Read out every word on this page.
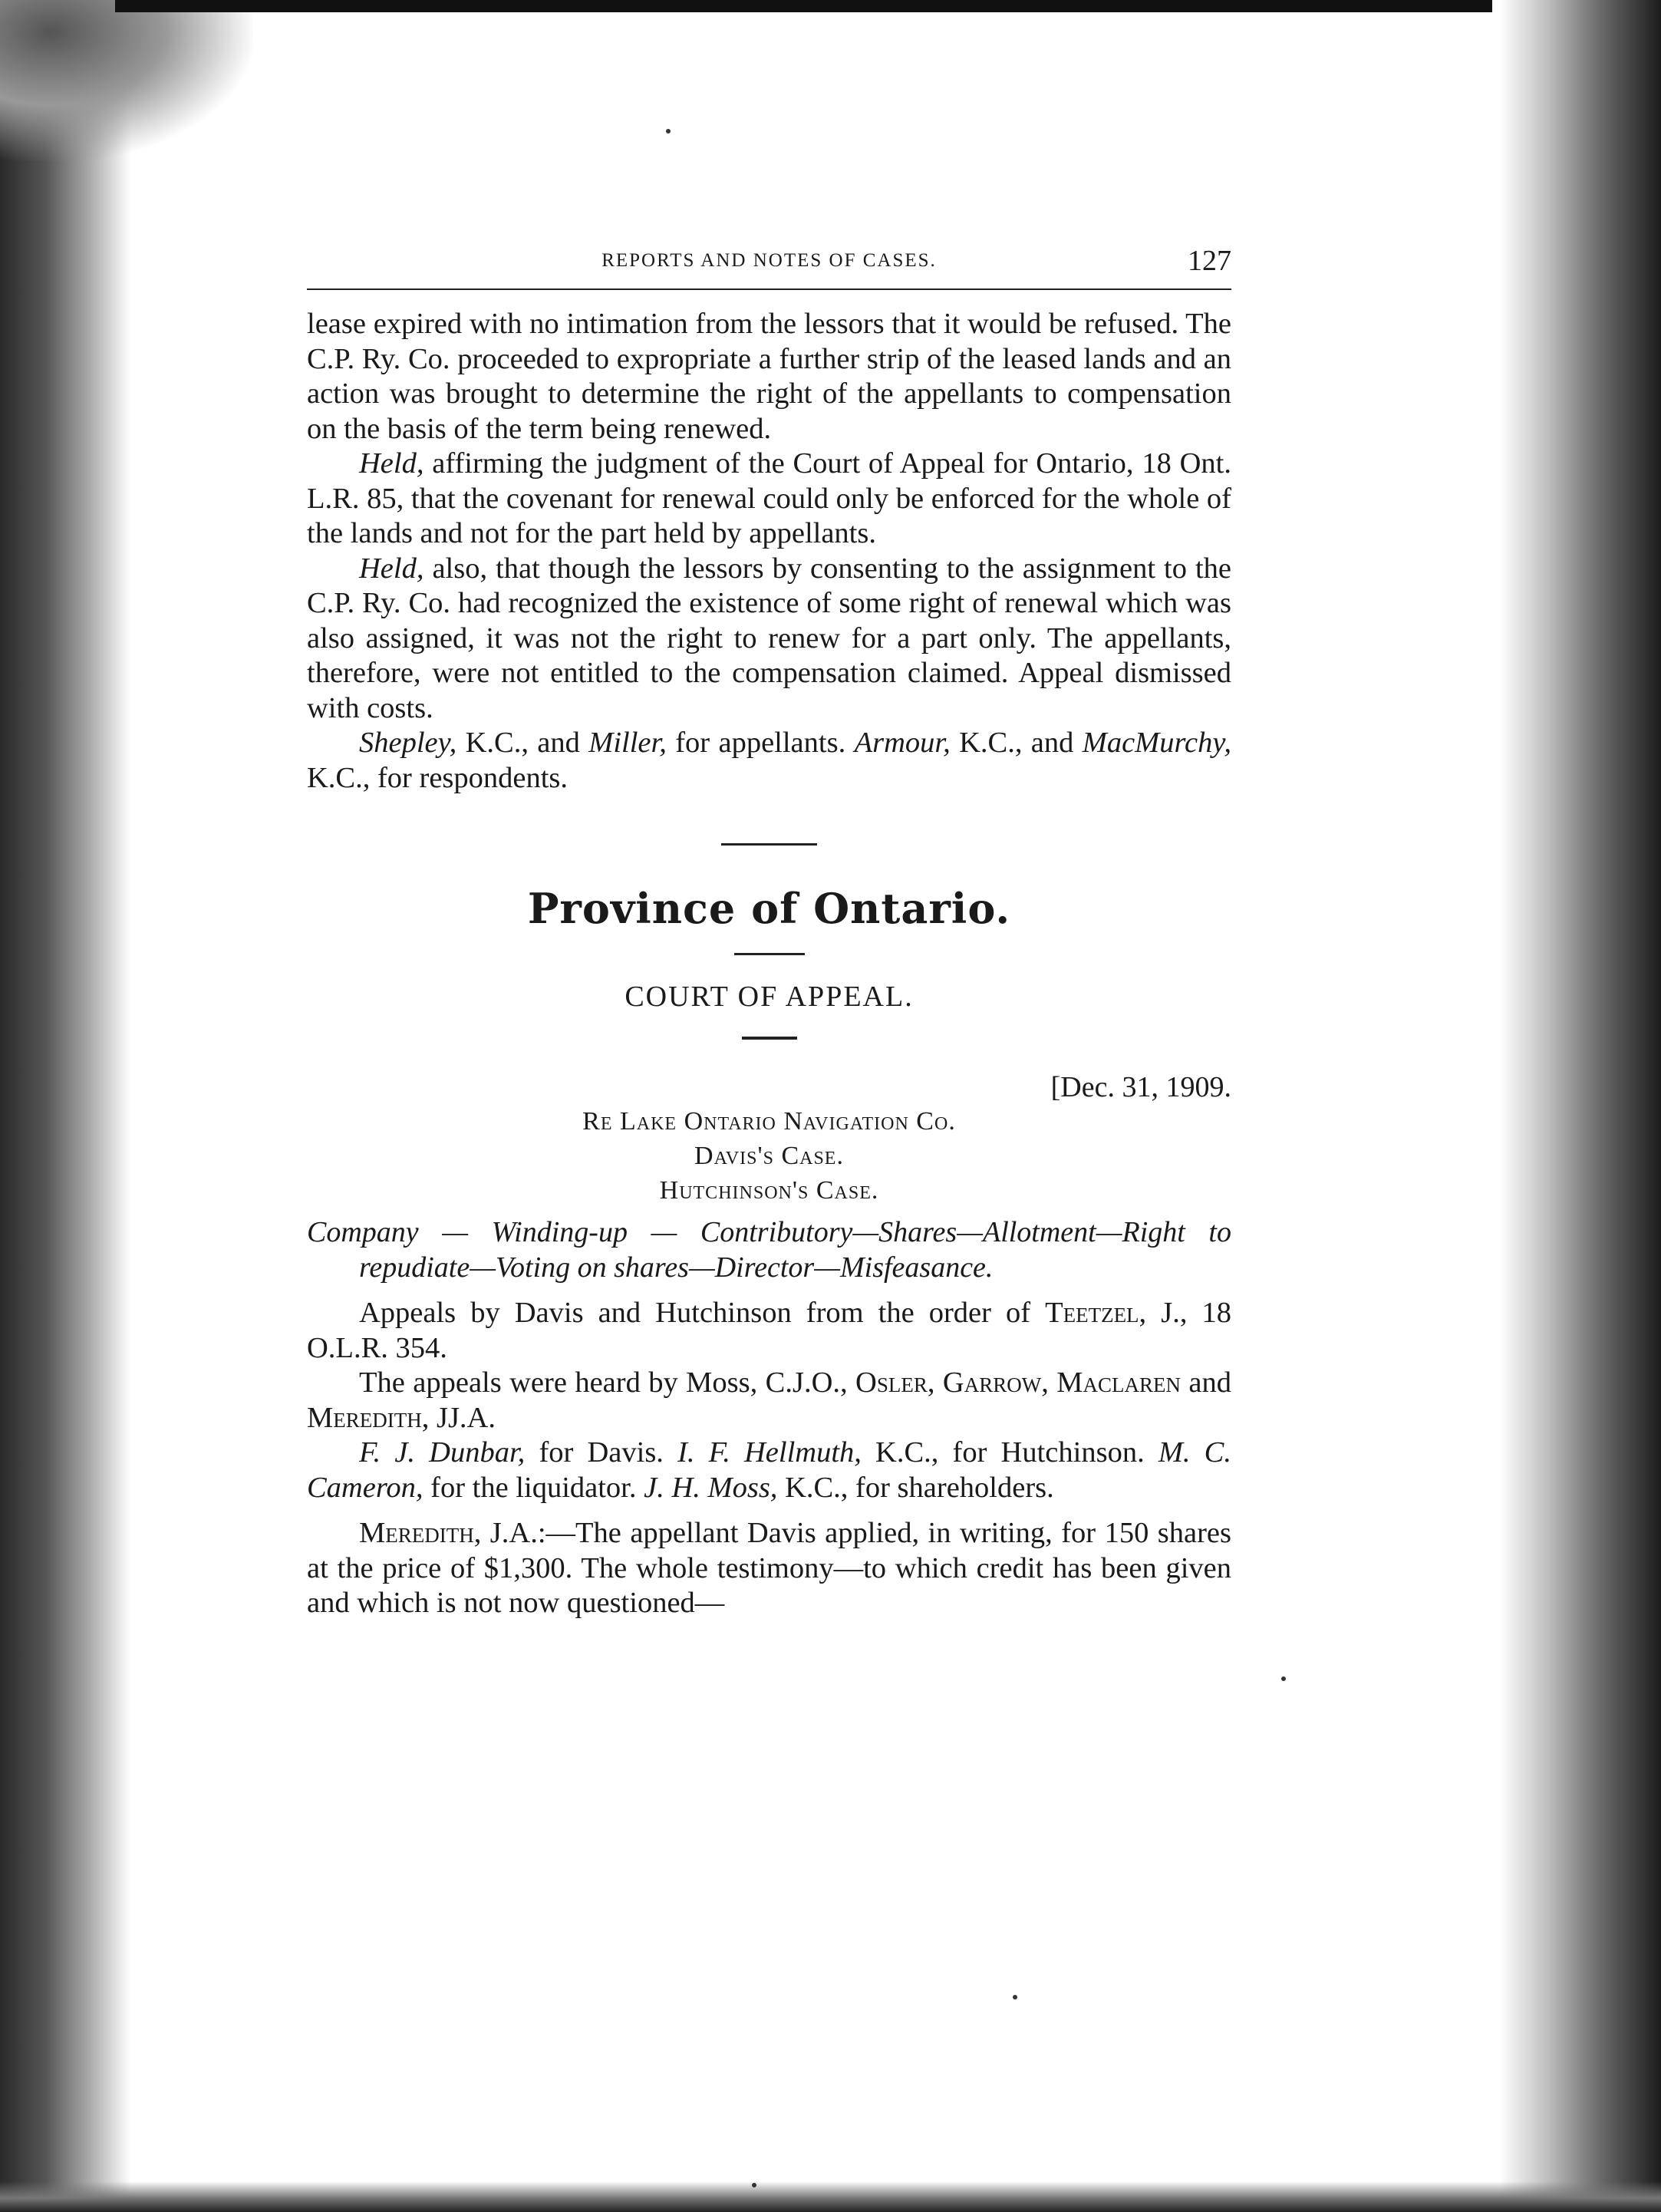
REPORTS AND NOTES OF CASES.	127

lease expired with no intimation from the lessors that it would be refused. The C.P. Ry. Co. proceeded to expropriate a further strip of the leased lands and an action was brought to determine the right of the appellants to compensation on the basis of the term being renewed.

Held, affirming the judgment of the Court of Appeal for Ontario, 18 Ont. L.R. 85, that the covenant for renewal could only be enforced for the whole of the lands and not for the part held by appellants.

Held, also, that though the lessors by consenting to the assignment to the C.P. Ry. Co. had recognized the existence of some right of renewal which was also assigned, it was not the right to renew for a part only. The appellants, therefore, were not entitled to the compensation claimed. Appeal dismissed with costs.

Shepley, K.C., and Miller, for appellants. Armour, K.C., and MacMurchy, K.C., for respondents.

Province of Ontario.
COURT OF APPEAL.
[Dec. 31, 1909.
Re Lake Ontario Navigation Co.
Davis's Case.
Hutchinson's Case.
Company — Winding-up — Contributory—Shares—Allotment—Right to repudiate—Voting on shares—Director—Misfeasance.

Appeals by Davis and Hutchinson from the order of Teetzel, J., 18 O.L.R. 354.

The appeals were heard by Moss, C.J.O., Osler, Garrow, Maclaren and Meredith, JJ.A.

F. J. Dunbar, for Davis. I. F. Hellmuth, K.C., for Hutchinson. M. C. Cameron, for the liquidator. J. H. Moss, K.C., for shareholders.

Meredith, J.A.:—The appellant Davis applied, in writing, for 150 shares at the price of $1,300. The whole testimony—to which credit has been given and which is not now questioned—
